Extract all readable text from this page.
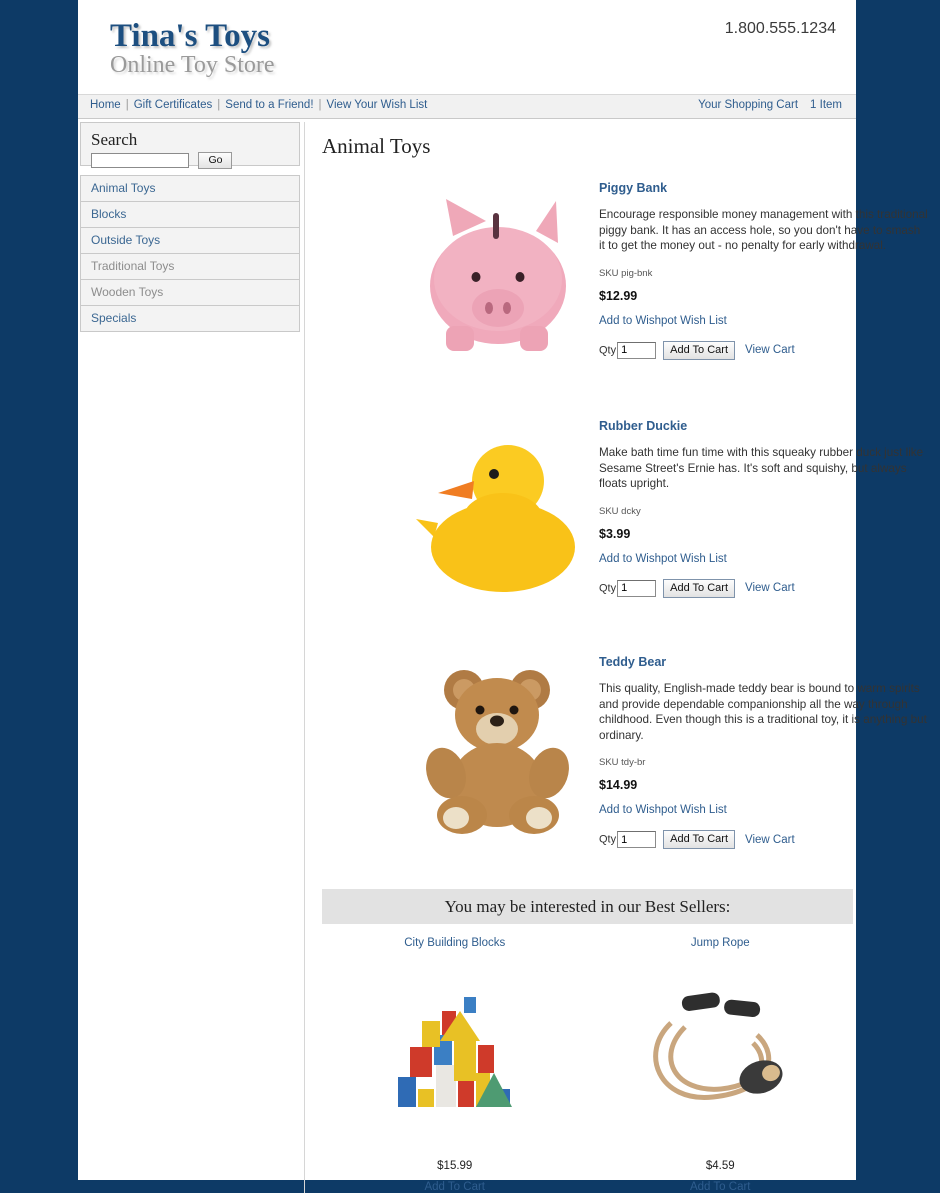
Tina's Toys
Online Toy Store
1.800.555.1234
Home | Gift Certificates | Send to a Friend! | View Your Wish List	Your Shopping Cart 1 Item
Search
Go
Animal Toys
Blocks
Outside Toys
Traditional Toys
Wooden Toys
Specials
Animal Toys
Piggy Bank
Encourage responsible money management with this traditional piggy bank. It has an access hole, so you don't have to smash it to get the money out - no penalty for early withdrawal.
SKU pig-bnk
$12.99
Add to Wishpot Wish List
Qty1	Add To Cart View Cart
Rubber Duckie
Make bath time fun time with this squeaky rubber duck just like Sesame Street's Ernie has. It's soft and squishy, but always floats upright.
SKU dcky
$3.99
Add to Wishpot Wish List
Qty1	Add To Cart View Cart
Teddy Bear
This quality, English-made teddy bear is bound to warm spirits and provide dependable companionship all the way through childhood. Even though this is a traditional toy, it is anything but ordinary.
SKU tdy-br
$14.99
Add to Wishpot Wish List
Qty1	Add To Cart View Cart
You may be interested in our Best Sellers:
City Building Blocks
$15.99
Add To Cart
Jump Rope
$4.59
Add To Cart
